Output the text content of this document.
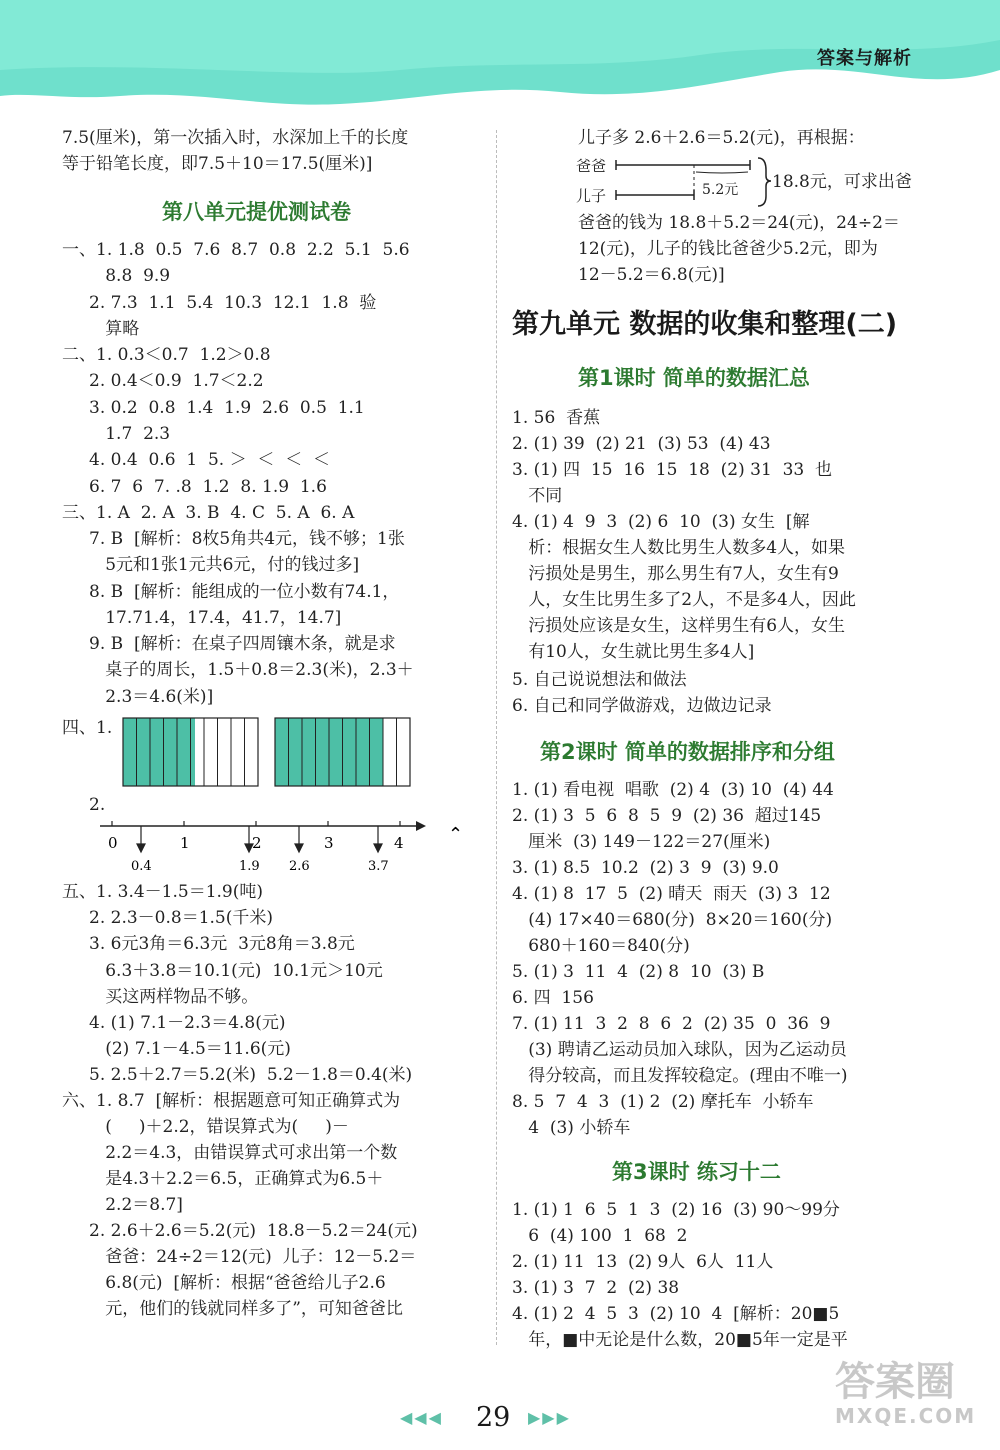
答案与解析
7.5(厘米)，第一次插入时，水深加上千的长度
等于铅笔长度，即7.5＋10＝17.5(厘米)]
第八单元提优测试卷
一、1. 1.8  0.5  7.6  8.7  0.8  2.2  5.1  5.6
8.8  9.9
2. 7.3  1.1  5.4  10.3  12.1  1.8  验
算略
二、1. 0.3＜0.7  1.2＞0.8
2. 0.4＜0.9  1.7＜2.2
3. 0.2  0.8  1.4  1.9  2.6  0.5  1.1
1.7  2.3
4. 0.4  0.6  1  5. ＞  ＜  ＜  ＜
6. 7  6  7. .8  1.2  8. 1.9  1.6
三、1. A  2. A  3. B  4. C  5. A  6. A
7. B  [解析：8枚5角共4元，钱不够；1张
5元和1张1元共6元，付的钱过多]
8. B  [解析：能组成的一位小数有74.1，
17.71.4，17.4，41.7，14.7]
9. B  [解析：在桌子四周镶木条，就是求
桌子的周长，1.5＋0.8＝2.3(米)，2.3＋
2.3＝4.6(米)]
四、1.
2.
0	1	2	3	4
0.4	1.9 2.6	3.7
⌃
五、1. 3.4－1.5＝1.9(吨)
2. 2.3－0.8＝1.5(千米)
3. 6元3角＝6.3元  3元8角＝3.8元
6.3＋3.8＝10.1(元)  10.1元＞10元
买这两样物品不够。
4. (1) 7.1－2.3＝4.8(元)
(2) 7.1－4.5＝11.6(元)
5. 2.5＋2.7＝5.2(米)  5.2－1.8＝0.4(米)
六、1. 8.7  [解析：根据题意可知正确算式为
(     )＋2.2，错误算式为(     )－
2.2＝4.3，由错误算式可求出第一个数
是4.3＋2.2＝6.5，正确算式为6.5＋
2.2＝8.7]
2. 2.6＋2.6＝5.2(元)  18.8－5.2＝24(元)
爸爸：24÷2＝12(元)  儿子：12－5.2＝
6.8(元)  [解析：根据“爸爸给儿子2.6
元，他们的钱就同样多了”，可知爸爸比
儿子多 2.6＋2.6＝5.2(元)，再根据：
爸爸
儿子	5.2元 18.8元，可求出爸
爸爸的钱为 18.8＋5.2＝24(元)，24÷2＝
12(元)，儿子的钱比爸爸少5.2元，即为
12－5.2＝6.8(元)]
第九单元 数据的收集和整理(二)
第1课时 简单的数据汇总
1. 56  香蕉
2. (1) 39  (2) 21  (3) 53  (4) 43
3. (1) 四  15  16  15  18  (2) 31  33  也
不同
4. (1) 4  9  3  (2) 6  10  (3) 女生  [解
析：根据女生人数比男生人数多4人，如果
污损处是男生，那么男生有7人，女生有9
人，女生比男生多了2人，不是多4人，因此
污损处应该是女生，这样男生有6人，女生
有10人，女生就比男生多4人]
5. 自己说说想法和做法
6. 自己和同学做游戏，边做边记录
第2课时 简单的数据排序和分组
1. (1) 看电视  唱歌  (2) 4  (3) 10  (4) 44
2. (1) 3  5  6  8  5  9  (2) 36  超过145
厘米  (3) 149－122＝27(厘米)
3. (1) 8.5  10.2  (2) 3  9  (3) 9.0
4. (1) 8  17  5  (2) 晴天  雨天  (3) 3  12
(4) 17×40＝680(分)  8×20＝160(分)
680＋160＝840(分)
5. (1) 3  11  4  (2) 8  10  (3) B
6. 四  156
7. (1) 11  3  2  8  6  2  (2) 35  0  36  9
(3) 聘请乙运动员加入球队，因为乙运动员
得分较高，而且发挥较稳定。(理由不唯一)
8. 5  7  4  3  (1) 2  (2) 摩托车  小轿车
4  (3) 小轿车
第3课时 练习十二
1. (1) 1  6  5  1  3  (2) 16  (3) 90～99分
6  (4) 100  1  68  2
2. (1) 11  13  (2) 9人  6人  11人
3. (1) 3  7  2  (2) 38
4. (1) 2  4  5  3  (2) 10  4  [解析：20■5
年，■中无论是什么数，20■5年一定是平
◀◀◀ 29 ▶▶▶
答案圈
MXQE.COM
